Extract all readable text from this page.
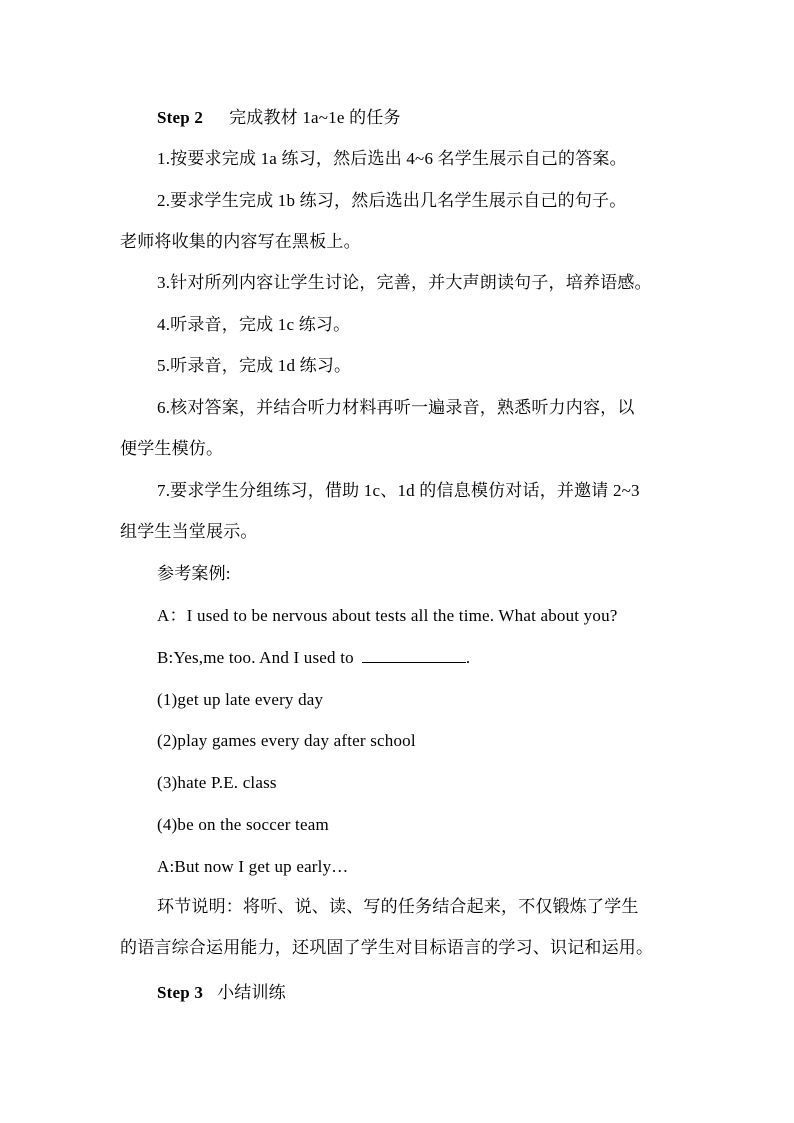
Step 2 完成教材 1a~1e 的任务
1.按要求完成 1a 练习，然后选出 4~6 名学生展示自己的答案。
2.要求学生完成 1b 练习，然后选出几名学生展示自己的句子。
老师将收集的内容写在黑板上。
3.针对所列内容让学生讨论，完善，并大声朗读句子，培养语感。
4.听录音，完成 1c 练习。
5.听录音，完成 1d 练习。
6.核对答案，并结合听力材料再听一遍录音，熟悉听力内容，以
便学生模仿。
7.要求学生分组练习，借助 1c、1d 的信息模仿对话，并邀请 2~3
组学生当堂展示。
参考案例:
A：I used to be nervous about tests all the time. What about you?
B:Yes,me too. And I used to	.
(1)get up late every day
(2)play games every day after school
(3)hate P.E. class
(4)be on the soccer team
A:But now I get up early…
环节说明：将听、说、读、写的任务结合起来，不仅锻炼了学生
的语言综合运用能力，还巩固了学生对目标语言的学习、识记和运用。
Step 3 小结训练
